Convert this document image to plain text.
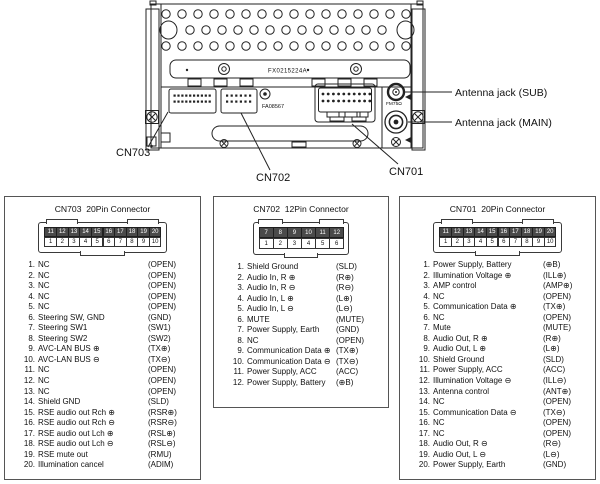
FX0215224A
FA08567	FM75Ω
CN703
CN702	CN701
Antenna jack (SUB)
Antenna jack (MAIN)
CN703  20Pin Connector
11 12 13 14 15 16 17 18 19 20
1	2	3	4	5	6	7	8	9	10
1. NC	(OPEN)
2. NC	(OPEN)
3. NC	(OPEN)
4. NC	(OPEN)
5. NC	(OPEN)
6. Steering SW, GND	(GND)
7. Steering SW1	(SW1)
8. Steering SW2	(SW2)
9. AVC-LAN BUS ⊕	(TX⊕)
10. AVC-LAN BUS ⊖	(TX⊖)
11. NC	(OPEN)
12. NC	(OPEN)
13. NC	(OPEN)
14. Shield GND	(SLD)
15. RSE audio out Rch ⊕	(RSR⊕)
16. RSE audio out Rch ⊖	(RSR⊖)
17. RSE audio out Lch ⊕	(RSL⊕)
18. RSE audio out Lch ⊖	(RSL⊖)
19. RSE mute out	(RMU)
20. Illumination cancel	(ADIM)
CN702  12Pin Connector
7	8	9	10	11	12
1	2	3	4	5	6
1. Shield Ground	(SLD)
2. Audio In, R ⊕	(R⊕)
3. Audio In, R ⊖	(R⊖)
4. Audio In, L ⊕	(L⊕)
5. Audio In, L ⊖	(L⊖)
6. MUTE	(MUTE)
7. Power Supply, Earth	(GND)
8. NC	(OPEN)
9. Communication Data ⊕ (TX⊕)
10. Communication Data ⊖ (TX⊖)
11. Power Supply, ACC	(ACC)
12. Power Supply, Battery	(⊕B)
CN701  20Pin Connector
11 12 13 14 15 16 17 18 19 20
1	2	3	4	5	6	7	8	9	10
1. Power Supply, Battery	(⊕B)
2. Illumination Voltage ⊕	(ILL⊕)
3. AMP control	(AMP⊕)
4. NC	(OPEN)
5. Communication Data ⊕	(TX⊕)
6. NC	(OPEN)
7. Mute	(MUTE)
8. Audio Out, R ⊕	(R⊕)
9. Audio Out, L ⊕	(L⊕)
10. Shield Ground	(SLD)
11. Power Supply, ACC	(ACC)
12. Illumination Voltage ⊖	(ILL⊖)
13. Antenna control	(ANT⊕)
14. NC	(OPEN)
15. Communication Data ⊖	(TX⊖)
16. NC	(OPEN)
17. NC	(OPEN)
18. Audio Out, R ⊖	(R⊖)
19. Audio Out, L ⊖	(L⊖)
20. Power Supply, Earth	(GND)
